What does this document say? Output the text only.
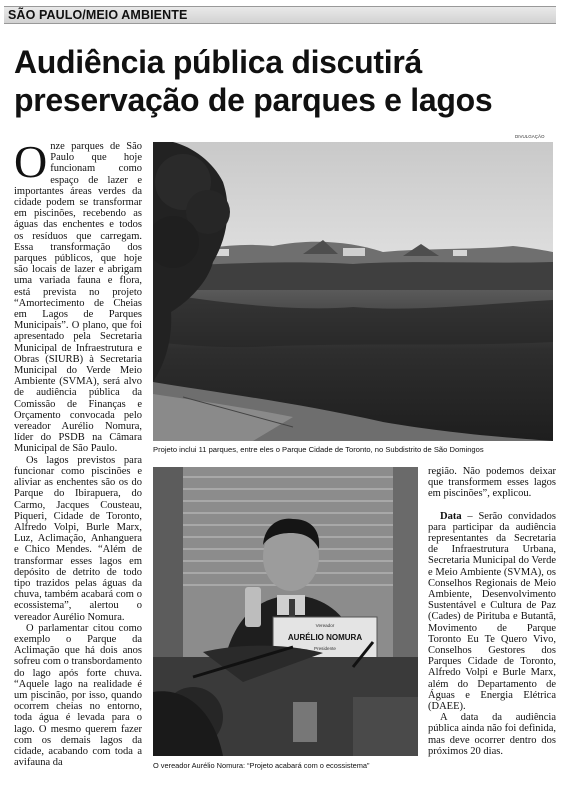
SÃO PAULO/MEIO AMBIENTE
Audiência pública discutirá
preservação de parques e lagos
DIVULGAÇÃO

Onze parques de São Paulo que hoje funcionam como espaço de lazer e importantes áreas verdes da cidade podem se transformar em piscinões, recebendo as águas das enchentes e todos os resíduos que carregam. Essa transformação dos parques públicos, que hoje são locais de lazer e abrigam uma variada fauna e flora, está prevista no projeto “Amortecimento de Cheias em Lagos de Parques Municipais”. O plano, que foi apresentado pela Secretaria Municipal de Infraestrutura e Obras (SIURB) à Secretaria Municipal do Verde Meio Ambiente (SVMA), será alvo de audiência pública da Comissão de Finanças e Orçamento convocada pelo vereador Aurélio Nomura, líder do PSDB na Câmara Municipal de São Paulo.

Os lagos previstos para funcionar como piscinões e aliviar as enchentes são os do Parque do Ibirapuera, do Carmo, Jacques Cousteau, Piqueri, Cidade de Toronto, Alfredo Volpi, Burle Marx, Luz, Aclimação, Anhanguera e Chico Mendes. “Além de transformar esses lagos em depósito de detrito de todo tipo trazidos pelas águas da chuva, também acabará com o ecossistema”, alertou o vereador Aurélio Nomura.

O parlamentar citou como exemplo o Parque da Aclimação que há dois anos sofreu com o transbordamento do lago após forte chuva. “Aquele lago na realidade é um piscinão, por isso, quando ocorrem cheias no entorno, toda água é levada para o lago. O mesmo querem fazer com os demais lagos da cidade, acabando com toda a avifauna da

Projeto inclui 11 parques, entre eles o Parque Cidade de Toronto, no Subdistrito de São Domingos
Vereador
AURÉLIO NOMURA
Presidente
O vereador Aurélio Nomura: “Projeto acabará com o ecossistema”

região. Não podemos deixar que transformem esses lagos em piscinões”, explicou.

Data – Serão convidados para participar da audiência representantes da Secretaria de Infraestrutura Urbana, Secretaria Municipal do Verde e Meio Ambiente (SVMA), os Conselhos Regionais de Meio Ambiente, Desenvolvimento Sustentável e Cultura de Paz (Cades) de Pirituba e Butantã, Movimento de Parque Toronto Eu Te Quero Vivo, Conselhos Gestores dos Parques Cidade de Toronto, Alfredo Volpi e Burle Marx, além do Departamento de Águas e Energia Elétrica (DAEE).

A data da audiência pública ainda não foi definida, mas deve ocorrer dentro dos próximos 20 dias.
